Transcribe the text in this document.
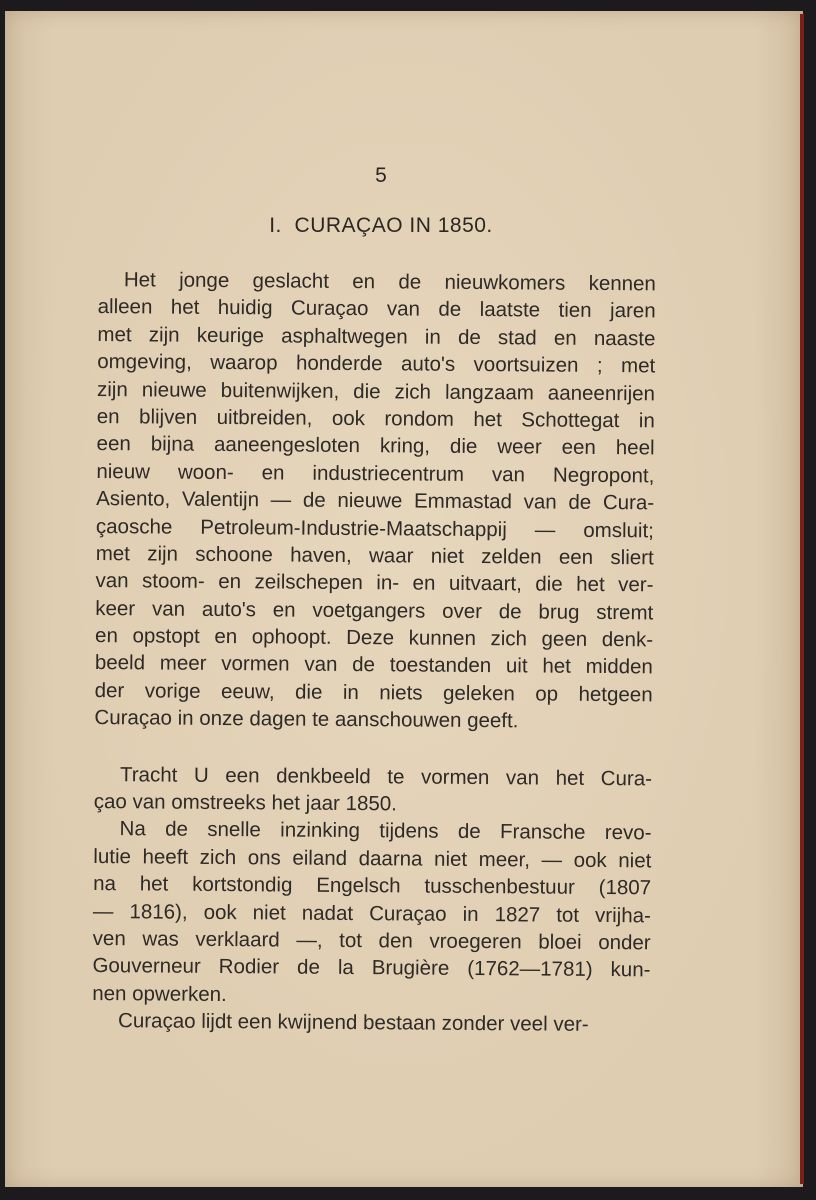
5
I.  CURAÇAO IN 1850.
Het jonge geslacht en de nieuwkomers kennen
alleen het huidig Curaçao van de laatste tien jaren
met zijn keurige asphaltwegen in de stad en naaste
omgeving, waarop honderde auto's voortsuizen ; met
zijn nieuwe buitenwijken, die zich langzaam aaneenrijen
en blijven uitbreiden, ook rondom het Schottegat in
een bijna aaneengesloten kring, die weer een heel
nieuw woon- en industriecentrum van Negropont,
Asiento, Valentijn — de nieuwe Emmastad van de Cura-
çaosche Petroleum-Industrie-Maatschappij — omsluit;
met zijn schoone haven, waar niet zelden een sliert
van stoom- en zeilschepen in- en uitvaart, die het ver-
keer van auto's en voetgangers over de brug stremt
en opstopt en ophoopt. Deze kunnen zich geen denk-
beeld meer vormen van de toestanden uit het midden
der vorige eeuw, die in niets geleken op hetgeen
Curaçao in onze dagen te aanschouwen geeft.
Tracht U een denkbeeld te vormen van het Cura-
çao van omstreeks het jaar 1850.
Na de snelle inzinking tijdens de Fransche revo-
lutie heeft zich ons eiland daarna niet meer, — ook niet
na het kortstondig Engelsch tusschenbestuur (1807
— 1816), ook niet nadat Curaçao in 1827 tot vrijha-
ven was verklaard —, tot den vroegeren bloei onder
Gouverneur Rodier de la Brugière (1762—1781) kun-
nen opwerken.
Curaçao lijdt een kwijnend bestaan zonder veel ver-
